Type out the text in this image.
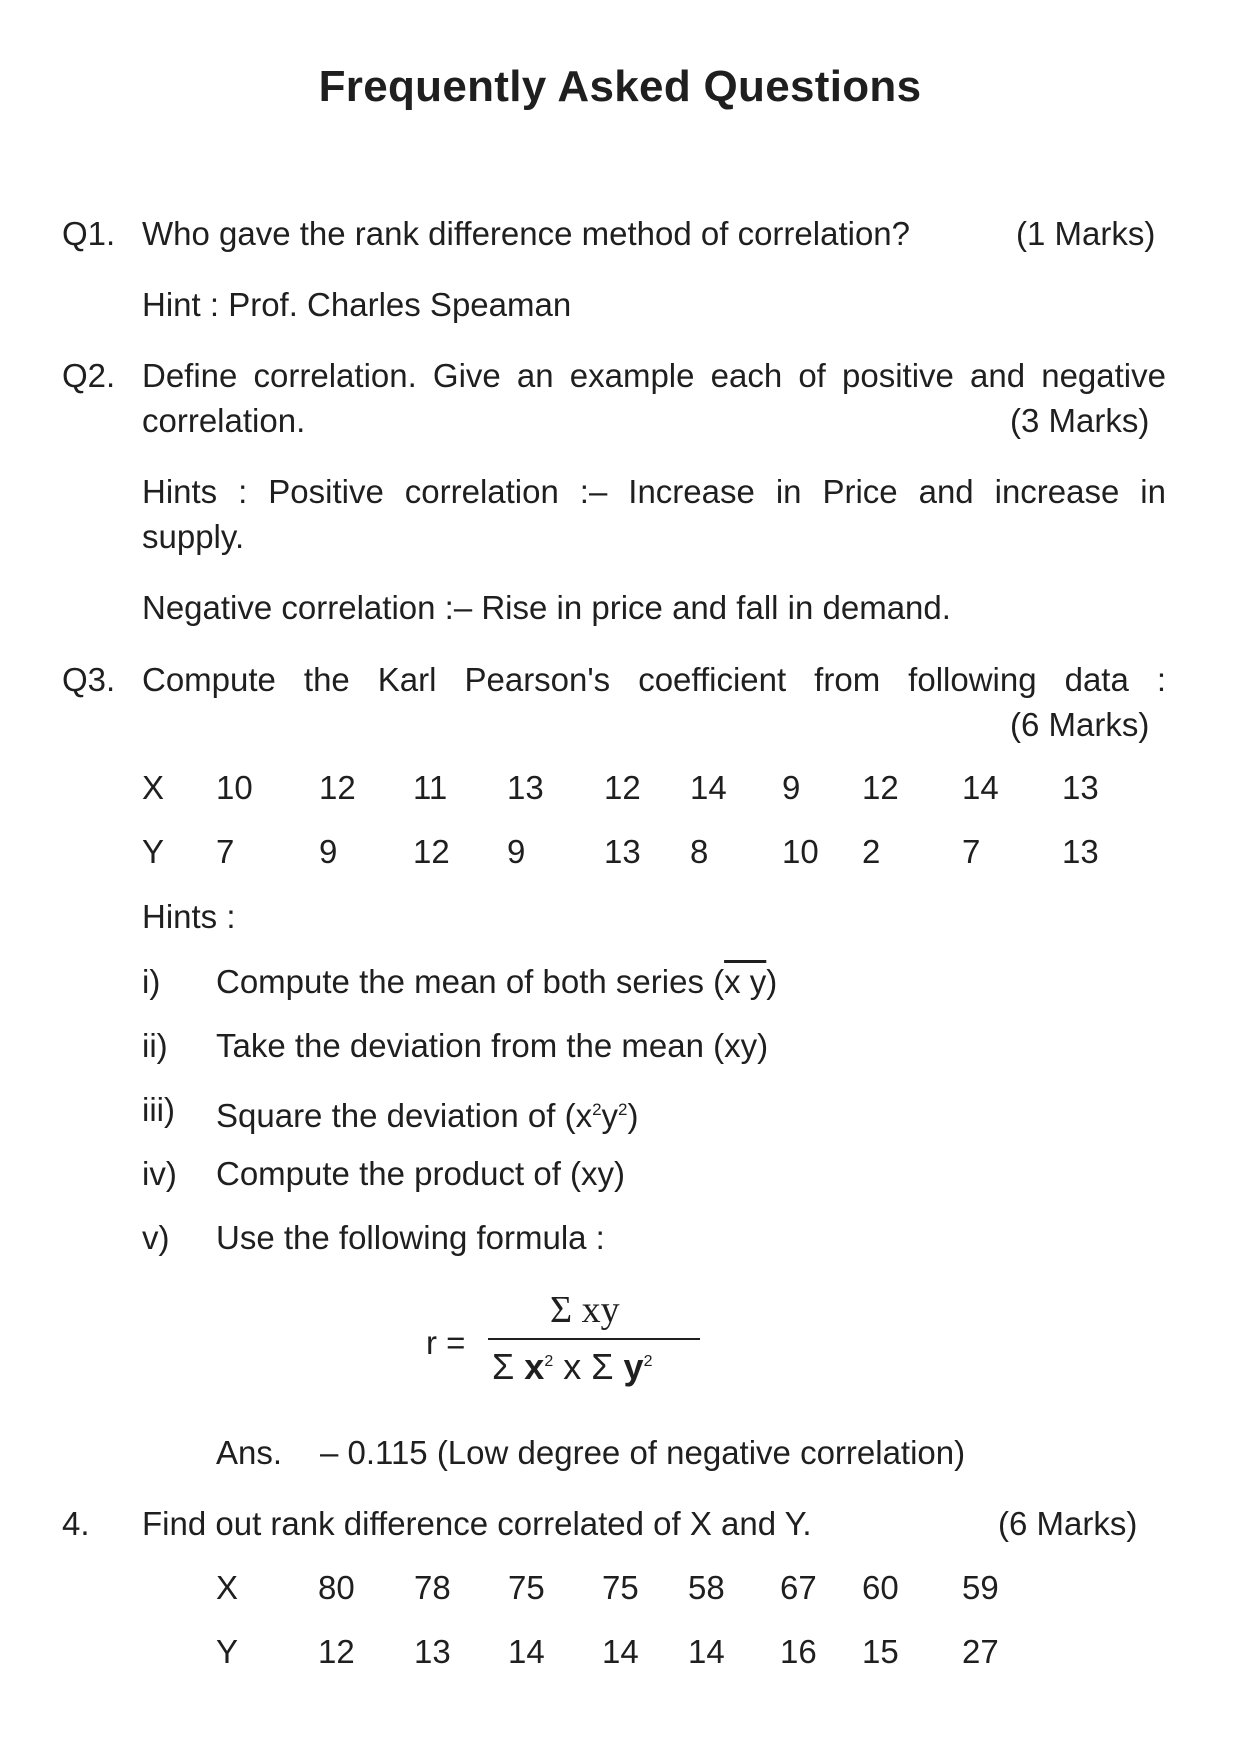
Frequently Asked Questions
Q1. Who gave the rank difference method of correlation?	(1 Marks)
Hint : Prof. Charles Speaman
Q2. Define correlation. Give an example each of positive and negative
correlation.	(3 Marks)
Hints : Positive correlation :– Increase in Price and increase in
supply.
Negative correlation :– Rise in price and fall in demand.
Q3. Compute the Karl Pearson's coefficient from following data :
(6 Marks)
X 10 12 11 13 12 14 9 12 14 13
Y 7	9 12 9 13 8 10 2 7 13
Hints :
i) Compute the mean of both series (x y)
ii) Take the deviation from the mean (xy)
iii) Square the deviation of $(x^2y^2)$
iv) Compute the product of (xy)
v) Use the following formula :
r =
Σ xy
Σ $x^2$ x Σ $y^2$
Ans. – 0.115 (Low degree of negative correlation)
4. Find out rank difference correlated of X and Y.	(6 Marks)
X 80 78 75 75 58 67 60 59
Y 12 13 14 14 14 16 15 27
